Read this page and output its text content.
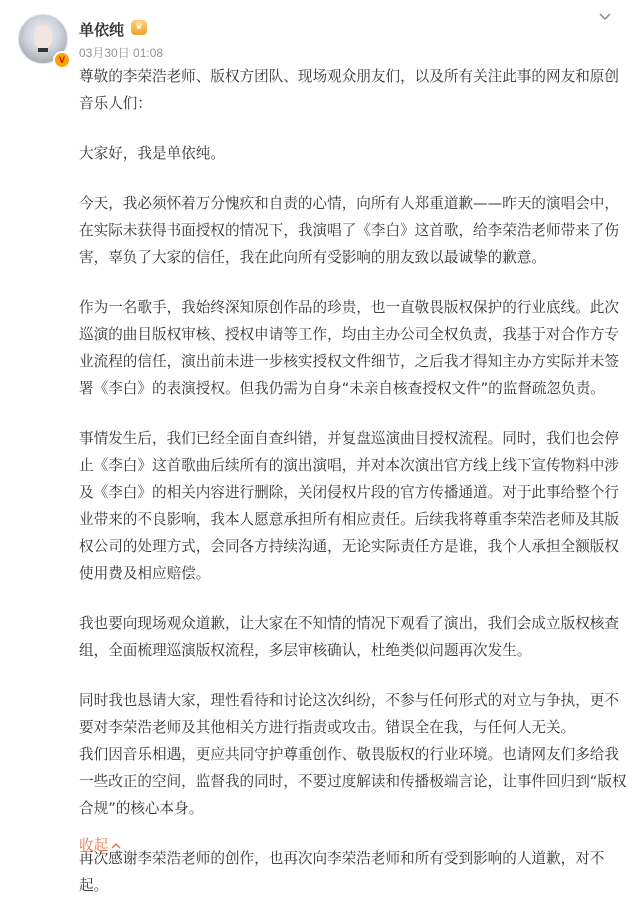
V
单依纯	♛
03月30日 01:08

尊敬的李荣浩老师、版权方团队、现场观众朋友们，以及所有关注此事的网友和原创音乐人们：

大家好，我是单依纯。

今天，我必须怀着万分愧疚和自责的心情，向所有人郑重道歉——昨天的演唱会中，在实际未获得书面授权的情况下，我演唱了《李白》这首歌，给李荣浩老师带来了伤害，辜负了大家的信任，我在此向所有受影响的朋友致以最诚挚的歉意。

作为一名歌手，我始终深知原创作品的珍贵，也一直敬畏版权保护的行业底线。此次巡演的曲目版权审核、授权申请等工作，均由主办公司全权负责，我基于对合作方专业流程的信任，演出前未进一步核实授权文件细节，之后我才得知主办方实际并未签署《李白》的表演授权。但我仍需为自身“未亲自核查授权文件”的监督疏忽负责。

事情发生后，我们已经全面自查纠错，并复盘巡演曲目授权流程。同时，我们也会停止《李白》这首歌曲后续所有的演出演唱，并对本次演出官方线上线下宣传物料中涉及《李白》的相关内容进行删除，关闭侵权片段的官方传播通道。对于此事给整个行业带来的不良影响，我本人愿意承担所有相应责任。后续我将尊重李荣浩老师及其版权公司的处理方式，会同各方持续沟通，无论实际责任方是谁，我个人承担全额版权使用费及相应赔偿。

我也要向现场观众道歉，让大家在不知情的情况下观看了演出，我们会成立版权核查组，全面梳理巡演版权流程，多层审核确认，杜绝类似问题再次发生。

同时我也恳请大家，理性看待和讨论这次纠纷，不参与任何形式的对立与争执，更不要对李荣浩老师及其他相关方进行指责或攻击。错误全在我，与任何人无关。

我们因音乐相遇，更应共同守护尊重创作、敬畏版权的行业环境。也请网友们多给我一些改正的空间，监督我的同时，不要过度解读和传播极端言论，让事件回归到“版权合规”的核心本身。

再次感谢李荣浩老师的创作，也再次向李荣浩老师和所有受到影响的人道歉，对不起。

收起
